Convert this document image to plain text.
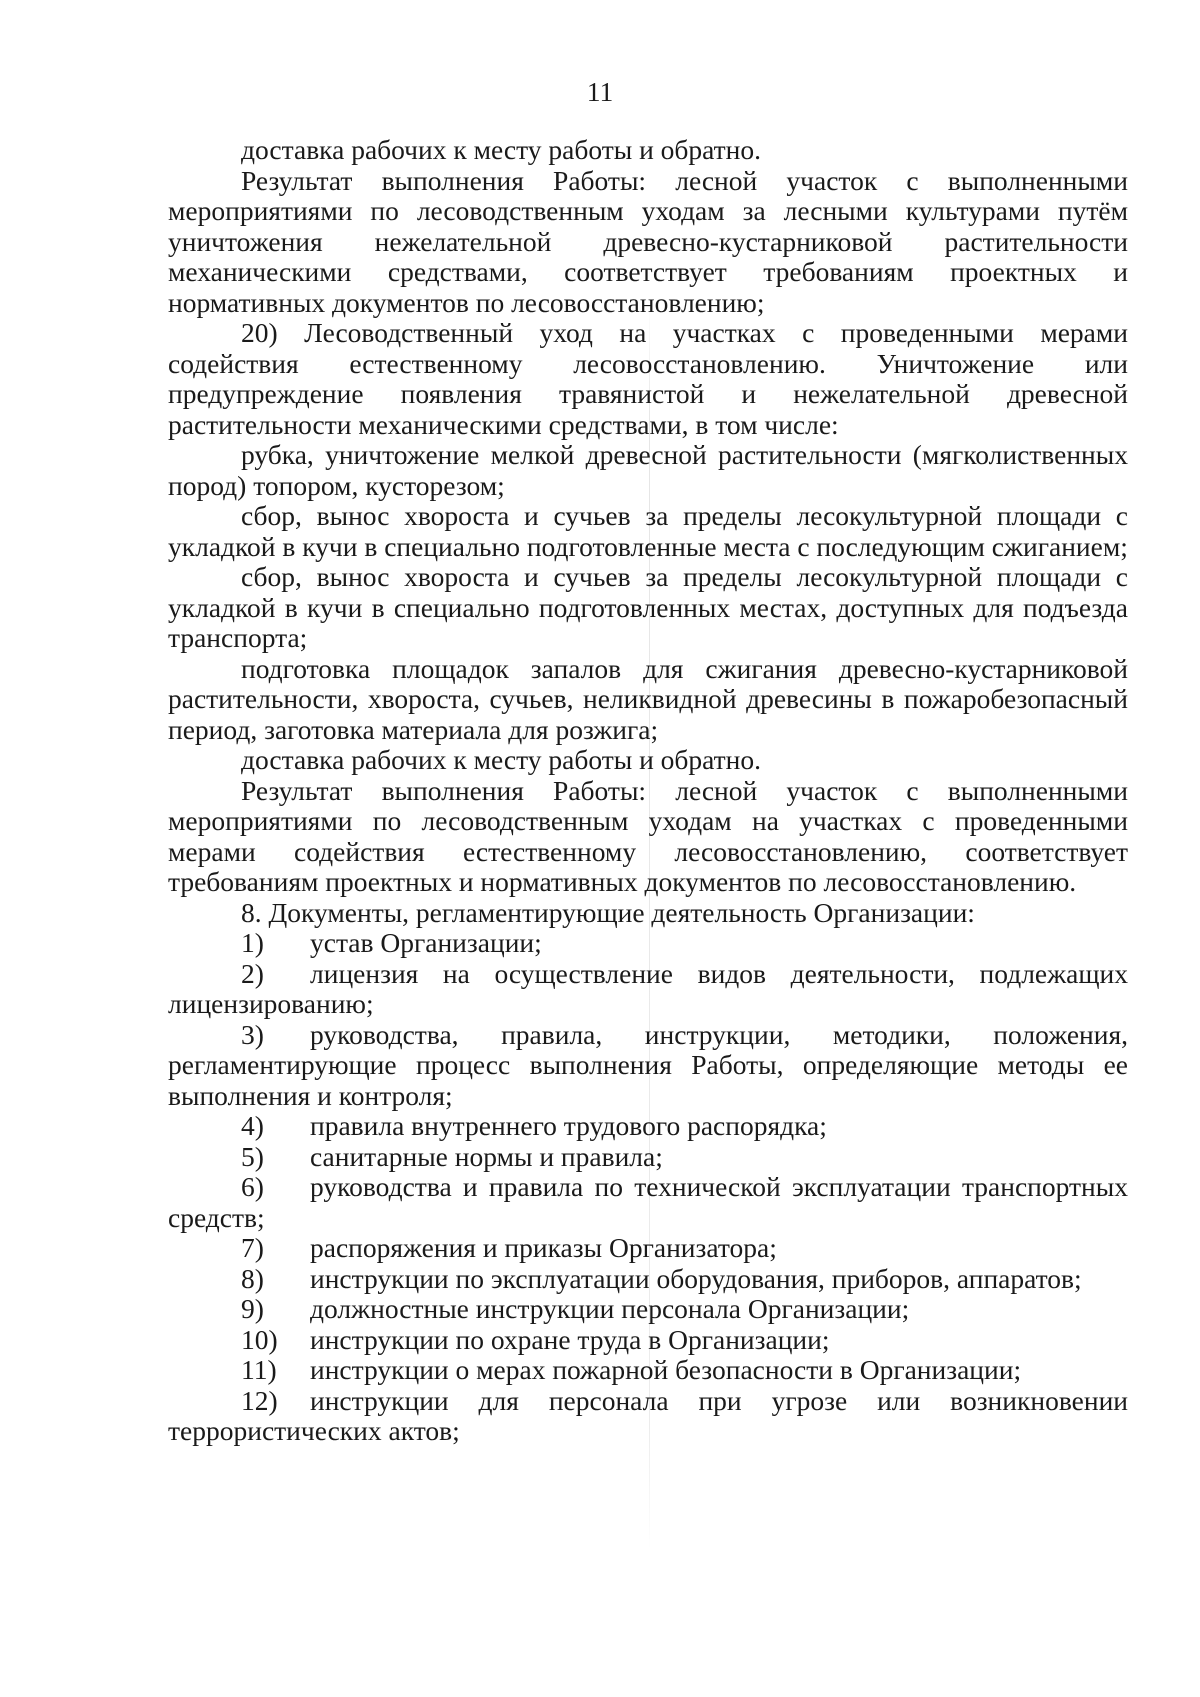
11

доставка рабочих к месту работы и обратно.

Результат выполнения Работы: лесной участок с выполненными мероприятиями по лесоводственным уходам за лесными культурами путём уничтожения нежелательной древесно-кустарниковой растительности механическими средствами, соответствует требованиям проектных и нормативных документов по лесовосстановлению;

20) Лесоводственный уход на участках с проведенными мерами содействия естественному лесовосстановлению. Уничтожение или предупреждение появления травянистой и нежелательной древесной растительности механическими средствами, в том числе:

рубка, уничтожение мелкой древесной растительности (мягколиственных пород) топором, кусторезом;

сбор, вынос хвороста и сучьев за пределы лесокультурной площади с укладкой в кучи в специально подготовленные места с последующим сжиганием;

сбор, вынос хвороста и сучьев за пределы лесокультурной площади с укладкой в кучи в специально подготовленных местах, доступных для подъезда транспорта;

подготовка площадок запалов для сжигания древесно-кустарниковой растительности, хвороста, сучьев, неликвидной древесины в пожаробезопасный период, заготовка материала для розжига;

доставка рабочих к месту работы и обратно.

Результат выполнения Работы: лесной участок с выполненными мероприятиями по лесоводственным уходам на участках с проведенными мерами содействия естественному лесовосстановлению, соответствует требованиям проектных и нормативных документов по лесовосстановлению.

8. Документы, регламентирующие деятельность Организации:

1) устав Организации;

2) лицензия на осуществление видов деятельности, подлежащих лицензированию;

3) руководства, правила, инструкции, методики, положения, регламентирующие процесс выполнения Работы, определяющие методы ее выполнения и контроля;

4) правила внутреннего трудового распорядка;

5) санитарные нормы и правила;

6) руководства и правила по технической эксплуатации транспортных средств;

7) распоряжения и приказы Организатора;

8) инструкции по эксплуатации оборудования, приборов, аппаратов;

9) должностные инструкции персонала Организации;

10) инструкции по охране труда в Организации;

11) инструкции о мерах пожарной безопасности в Организации;

12) инструкции для персонала при угрозе или возникновении террористических актов;
